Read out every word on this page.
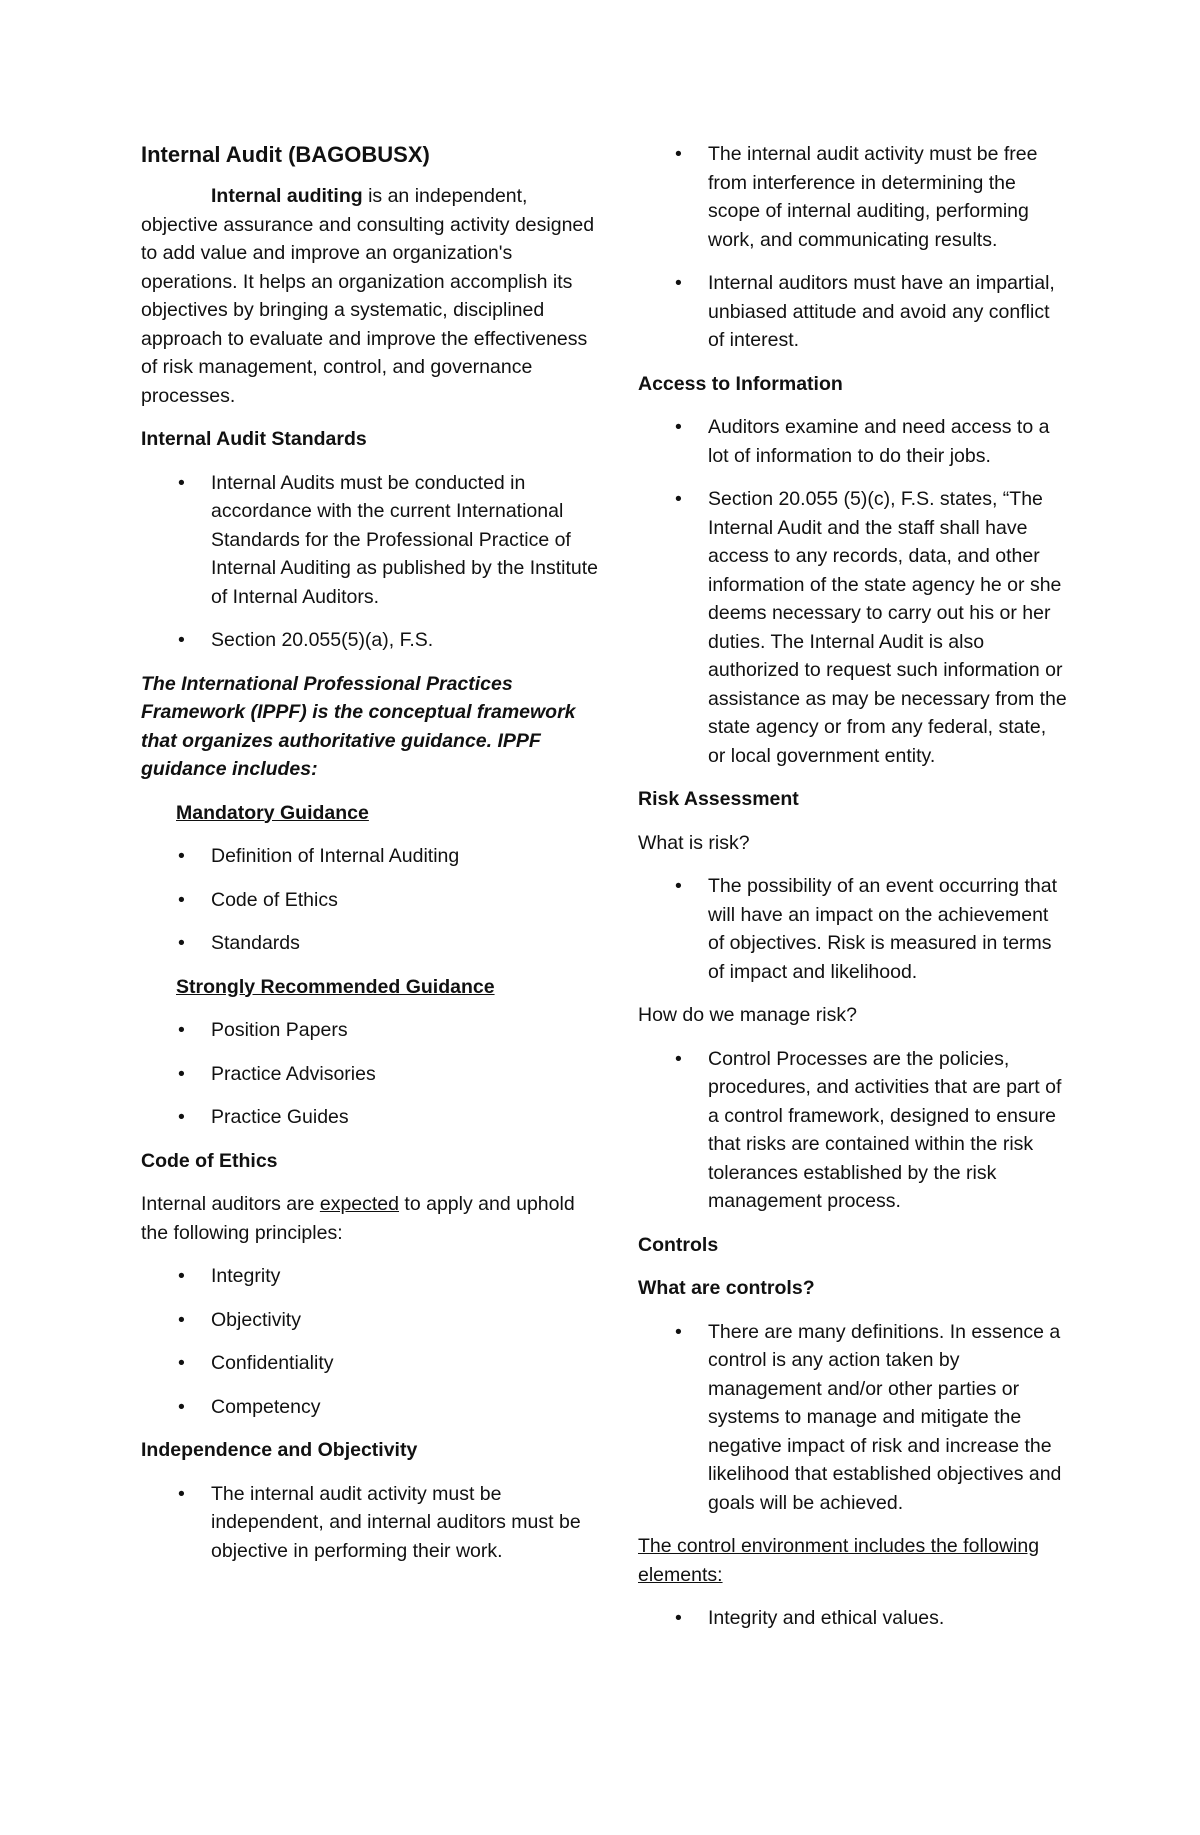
Internal Audit (BAGOBUSX)

Internal auditing is an independent, objective assurance and consulting activity designed to add value and improve an organization's operations. It helps an organization accomplish its objectives by bringing a systematic, disciplined approach to evaluate and improve the effectiveness of risk management, control, and governance processes.

Internal Audit Standards

• Internal Audits must be conducted in accordance with the current International Standards for the Professional Practice of Internal Auditing as published by the Institute of Internal Auditors.
• Section 20.055(5)(a), F.S.

The International Professional Practices Framework (IPPF) is the conceptual framework that organizes authoritative guidance. IPPF guidance includes:

Mandatory Guidance

• Definition of Internal Auditing
• Code of Ethics
• Standards

Strongly Recommended Guidance

• Position Papers
• Practice Advisories
• Practice Guides

Code of Ethics

Internal auditors are expected to apply and uphold the following principles:

• Integrity
• Objectivity
• Confidentiality
• Competency

Independence and Objectivity

• The internal audit activity must be independent, and internal auditors must be objective in performing their work.
• The internal audit activity must be free from interference in determining the scope of internal auditing, performing work, and communicating results.
• Internal auditors must have an impartial, unbiased attitude and avoid any conflict of interest.

Access to Information

• Auditors examine and need access to a lot of information to do their jobs.
• Section 20.055 (5)(c), F.S. states, “The Internal Audit and the staff shall have access to any records, data, and other information of the state agency he or she deems necessary to carry out his or her duties. The Internal Audit is also authorized to request such information or assistance as may be necessary from the state agency or from any federal, state, or local government entity.

Risk Assessment

What is risk?

• The possibility of an event occurring that will have an impact on the achievement of objectives. Risk is measured in terms of impact and likelihood.

How do we manage risk?

• Control Processes are the policies, procedures, and activities that are part of a control framework, designed to ensure that risks are contained within the risk tolerances established by the risk management process.

Controls

What are controls?

• There are many definitions. In essence a control is any action taken by management and/or other parties or systems to manage and mitigate the negative impact of risk and increase the likelihood that established objectives and goals will be achieved.

The control environment includes the following elements:

• Integrity and ethical values.
